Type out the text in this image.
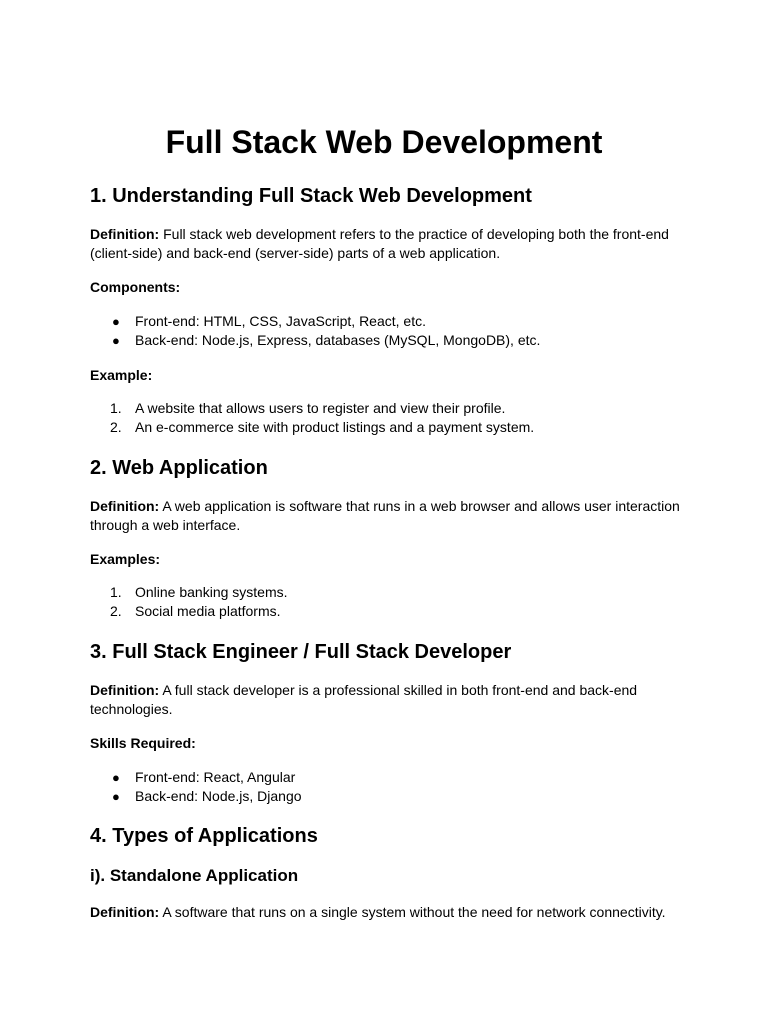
Full Stack Web Development
1. Understanding Full Stack Web Development

Definition: Full stack web development refers to the practice of developing both the front-end (client-side) and back-end (server-side) parts of a web application.

Components:

●	Front-end: HTML, CSS, JavaScript, React, etc.
●	Back-end: Node.js, Express, databases (MySQL, MongoDB), etc.

Example:

1. A website that allows users to register and view their profile.
2. An e-commerce site with product listings and a payment system.
2. Web Application

Definition: A web application is software that runs in a web browser and allows user interaction through a web interface.

Examples:

1. Online banking systems.
2. Social media platforms.
3. Full Stack Engineer / Full Stack Developer

Definition: A full stack developer is a professional skilled in both front-end and back-end technologies.

Skills Required:

●	Front-end: React, Angular
●	Back-end: Node.js, Django
4. Types of Applications
i). Standalone Application

Definition: A software that runs on a single system without the need for network connectivity.
